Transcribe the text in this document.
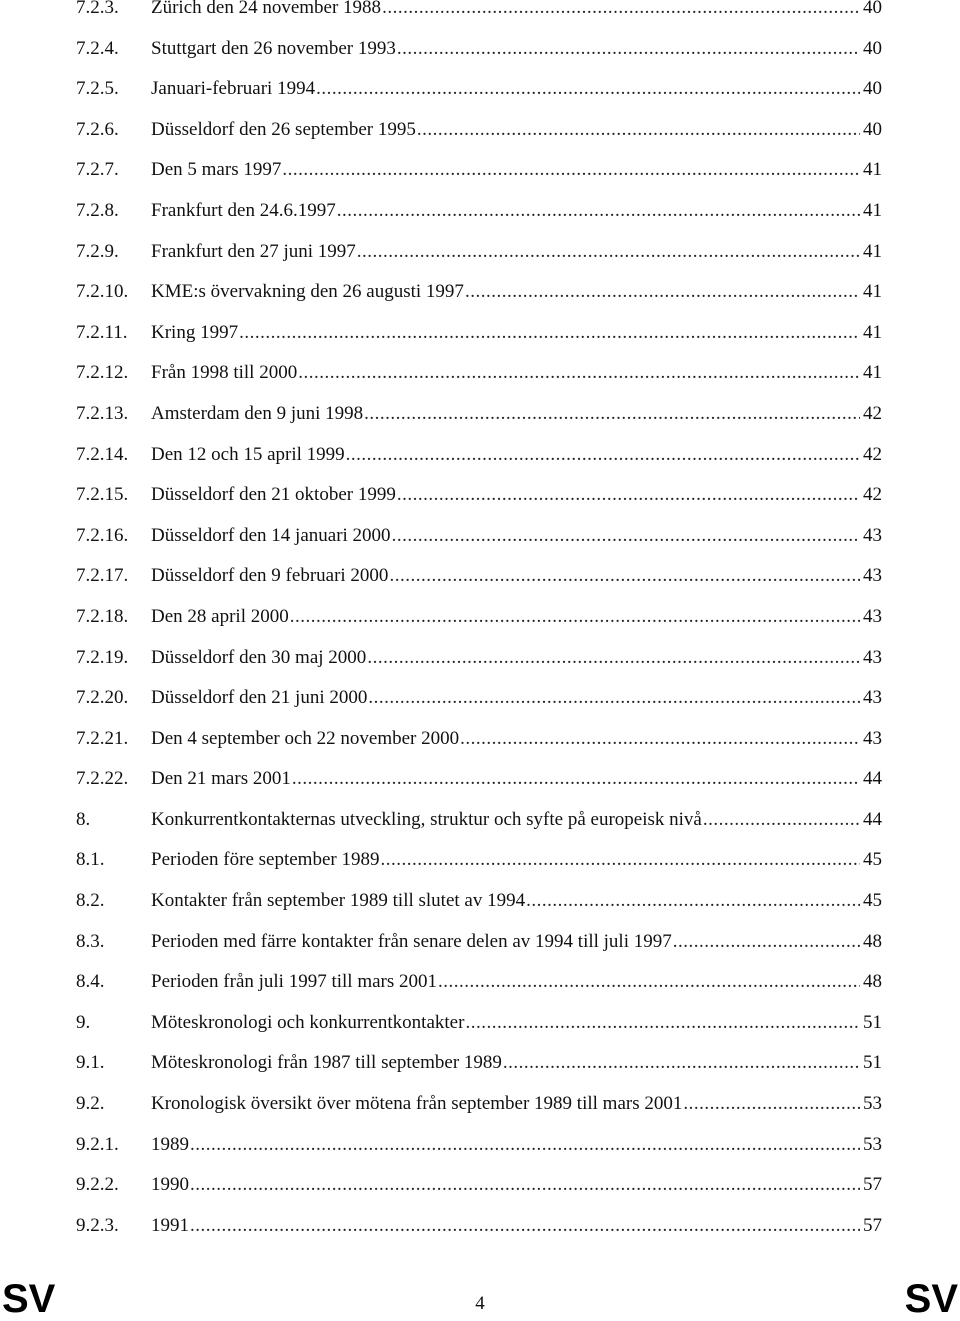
7.2.3.	Zürich den 24 november 1988 .....	40
7.2.4.	Stuttgart den 26 november 1993 .....	40
7.2.5.	Januari-februari 1994 .....	40
7.2.6.	Düsseldorf den 26 september 1995 .....	40
7.2.7.	Den 5 mars 1997 .....	41
7.2.8.	Frankfurt den 24.6.1997 .....	41
7.2.9.	Frankfurt den 27 juni 1997 .....	41
7.2.10.	KME:s övervakning den 26 augusti 1997 .....	41
7.2.11.	Kring 1997 .....	41
7.2.12.	Från 1998 till 2000 .....	41
7.2.13.	Amsterdam den 9 juni 1998 .....	42
7.2.14.	Den 12 och 15 april 1999 .....	42
7.2.15.	Düsseldorf den 21 oktober 1999 .....	42
7.2.16.	Düsseldorf den 14 januari 2000 .....	43
7.2.17.	Düsseldorf den 9 februari 2000 .....	43
7.2.18.	Den 28 april 2000 .....	43
7.2.19.	Düsseldorf den 30 maj 2000 .....	43
7.2.20.	Düsseldorf den 21 juni 2000 .....	43
7.2.21.	Den 4 september och 22 november 2000 .....	43
7.2.22.	Den 21 mars 2001 .....	44
8.	Konkurrentkontakternas utveckling, struktur och syfte på europeisk nivå .....	44
8.1.	Perioden före september 1989 .....	45
8.2.	Kontakter från september 1989 till slutet av 1994 .....	45
8.3.	Perioden med färre kontakter från senare delen av 1994 till juli 1997 .....	48
8.4.	Perioden från juli 1997 till mars 2001 .....	48
9.	Möteskronologi och konkurrentkontakter .....	51
9.1.	Möteskronologi från 1987 till september 1989 .....	51
9.2.	Kronologisk översikt över mötena från september 1989 till mars 2001 .....	53
9.2.1.	1989 .....	53
9.2.2.	1990 .....	57
9.2.3.	1991 .....	57
SV	4	SV
